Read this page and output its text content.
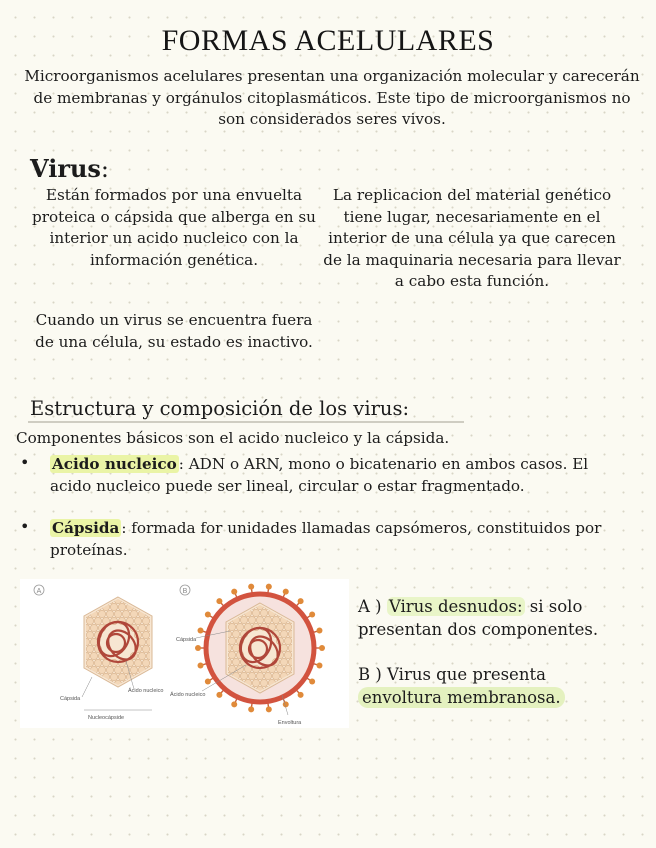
FORMAS ACELULARES
Microorganismos acelulares presentan una organización molecular y carecerán de membranas y orgánulos citoplasmáticos. Este tipo de microorganismos no son considerados seres vivos.
Virus:
Están formados por una envuelta proteica o cápsida que alberga en su interior un acido nucleico con la información genética.
Cuando un virus se encuentra fuera de una célula, su estado es inactivo.
La replicacion del material genético tiene lugar, necesariamente en el interior de una célula ya que carecen de la maquinaria necesaria para llevar a cabo esta función.
Estructura y composición de los virus:
Componentes básicos son el acido nucleico y la cápsida.
• Acido nucleico : ADN o ARN, mono o bicatenario en ambos casos. El acido nucleico puede ser lineal, circular o estar fragmentado.
• Cápsida : formada for unidades llamadas capsómeros, constituidos por proteínas.
A
Cápsida
Ácido nucleico
Nucleocápside
B
Cápsida
Ácido nucleico
Envoltura
A ) Virus desnudos: si solo presentan dos componentes.
B ) Virus que presenta
envoltura membranosa.
